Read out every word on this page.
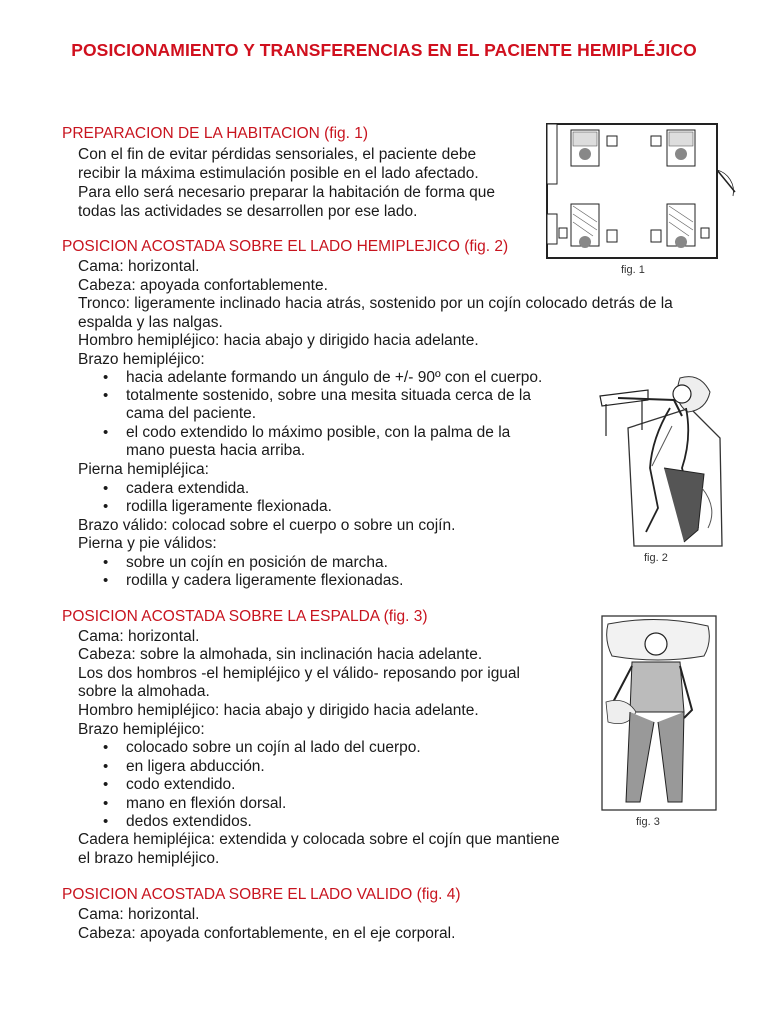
POSICIONAMIENTO Y TRANSFERENCIAS EN EL PACIENTE HEMIPLÉJICO
PREPARACION DE LA HABITACION (fig. 1)
Con el fin de evitar pérdidas sensoriales, el paciente debe
recibir la máxima estimulación posible en el lado afectado.
Para ello será necesario preparar la habitación de forma que
todas las actividades se desarrollen por ese lado.
POSICION ACOSTADA SOBRE EL LADO HEMIPLEJICO (fig. 2)
Cama: horizontal.
Cabeza: apoyada confortablemente.
Tronco: ligeramente inclinado hacia atrás, sostenido por un cojín colocado detrás de la
espalda y las nalgas.
Hombro hemipléjico: hacia abajo y dirigido hacia adelante.
Brazo hemipléjico:
• hacia adelante formando un ángulo de +/- 90º con el cuerpo.
• totalmente sostenido, sobre una mesita situada cerca de la
cama del paciente.
• el codo extendido lo máximo posible, con la palma de la
mano puesta hacia arriba.
Pierna hemipléjica:
• cadera extendida.
• rodilla ligeramente flexionada.
Brazo válido: colocad sobre el cuerpo o sobre un cojín.
Pierna y pie válidos:
• sobre un cojín en posición de marcha.
• rodilla y cadera ligeramente flexionadas.
POSICION ACOSTADA SOBRE LA ESPALDA (fig. 3)
Cama: horizontal.
Cabeza: sobre la almohada, sin inclinación hacia adelante.
Los dos hombros -el hemipléjico y el válido- reposando por igual
sobre la almohada.
Hombro hemipléjico: hacia abajo y dirigido hacia adelante.
Brazo hemipléjico:
• colocado sobre un cojín al lado del cuerpo.
• en ligera abducción.
• codo extendido.
• mano en flexión dorsal.
• dedos extendidos.
Cadera hemipléjica: extendida y colocada sobre el cojín que mantiene
el brazo hemipléjico.
POSICION ACOSTADA SOBRE EL LADO VALIDO (fig. 4)
Cama: horizontal.
Cabeza: apoyada confortablemente, en el eje corporal.
fig. 1
fig. 2
fig. 3
